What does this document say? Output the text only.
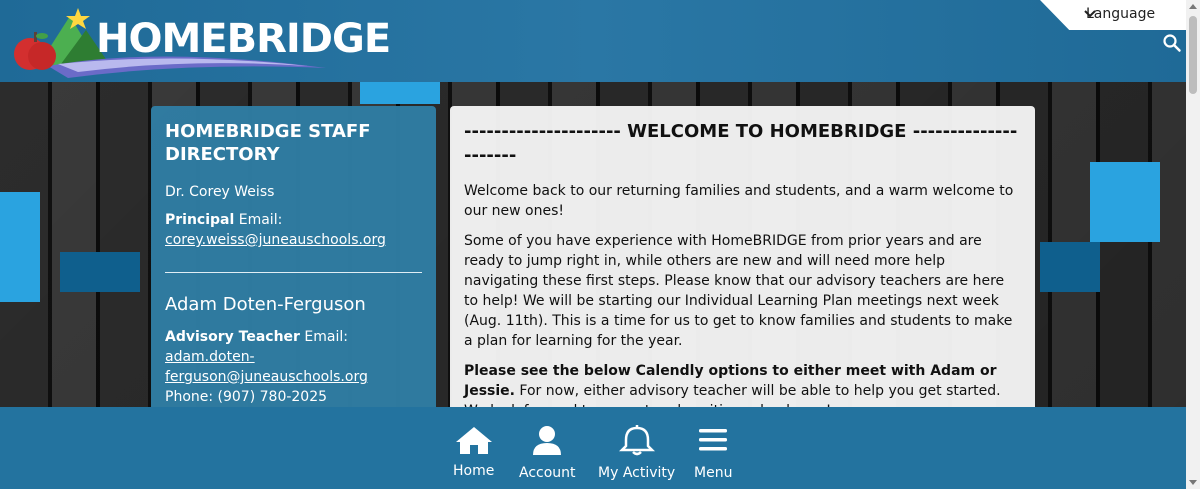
HOMEBRIDGE
Language
HOMEBRIDGE STAFF DIRECTORY

Dr. Corey Weiss

Principal Email:
corey.weiss@juneauschools.org

Adam Doten-Ferguson

Advisory Teacher Email: adam.doten-ferguson@juneauschools.org
Phone: (907) 780-2025

--------------------- WELCOME TO HOMEBRIDGE ---------------------

Welcome back to our returning families and students, and a warm welcome to our new ones!

Some of you have experience with HomeBRIDGE from prior years and are ready to jump right in, while others are new and will need more help navigating these first steps. Please know that our advisory teachers are here to help! We will be starting our Individual Learning Plan meetings next week (Aug. 11th). This is a time for us to get to know families and students to make a plan for learning for the year.

Please see the below Calendly options to either meet with Adam or Jessie. For now, either advisory teacher will be able to help you get started.

Home Account My Activity Menu
